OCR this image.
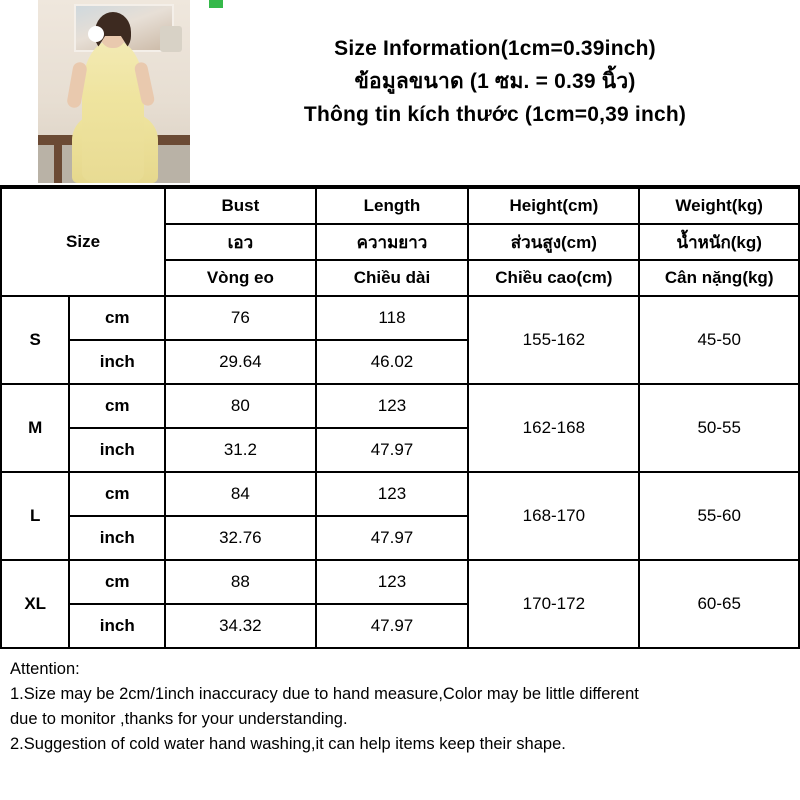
Size Information(1cm=0.39inch)
ข้อมูลขนาด (1 ซม. = 0.39 นิ้ว)
Thông tin kích thước (1cm=0,39 inch)
Size		Bust	Length	Height(cm)	Weight(kg)
		เอว	ความยาว	ส่วนสูง(cm)	น้ำหนัก(kg)
		Vòng eo	Chiều dài	Chiều cao(cm)	Cân nặng(kg)
S	cm	76	118	155-162	45-50
	inch	29.64	46.02		
M	cm	80	123	162-168	50-55
	inch	31.2	47.97		
L	cm	84	123	168-170	55-60
	inch	32.76	47.97		
XL	cm	88	123	170-172	60-65
	inch	34.32	47.97		

Attention:

1.Size may be 2cm/1inch inaccuracy due to hand measure,Color may be little different

due to monitor ,thanks for your understanding.

2.Suggestion of cold water hand washing,it can help items keep their shape.
